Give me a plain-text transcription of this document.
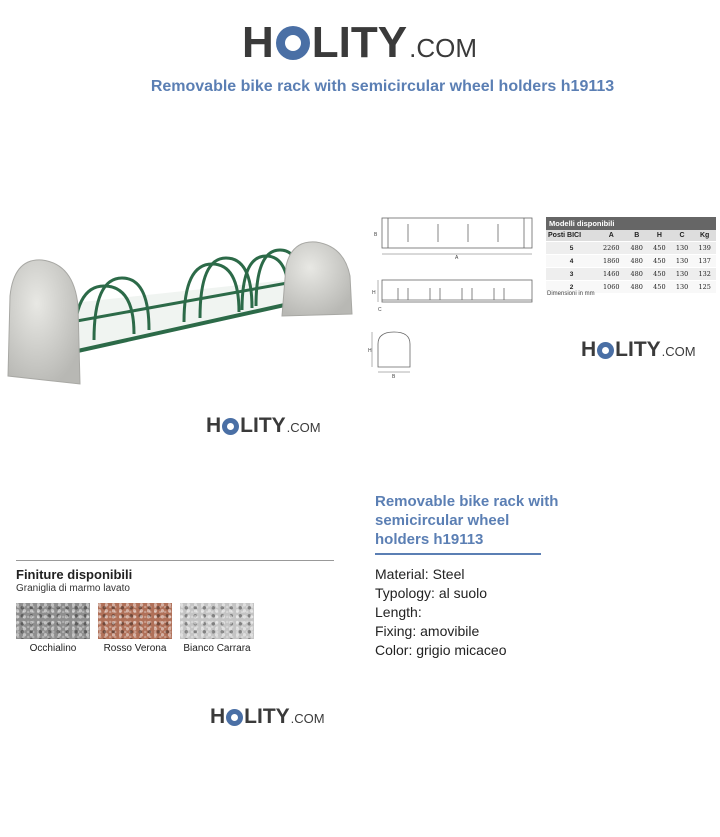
H LITY .COM
Removable bike rack with semicircular wheel holders h19113
H LITY .COM
B
A
H
C
H
B
Modelli disponibili
Posti BICI	A	B	H	C	Kg
5	2260	480	450	130	139
4	1860	480	450	130	137
3	1460	480	450	130	132
2	1060	480	450	130	125
Dimensioni in mm
H LITY .COM
Finiture disponibili
Graniglia di marmo lavato
Occhialino	Rosso Verona	Bianco Carrara
H LITY .COM
Removable bike rack with semicircular wheel holders h19113
Material: Steel
Typology: al suolo
Length:
Fixing: amovibile
Color: grigio micaceo
